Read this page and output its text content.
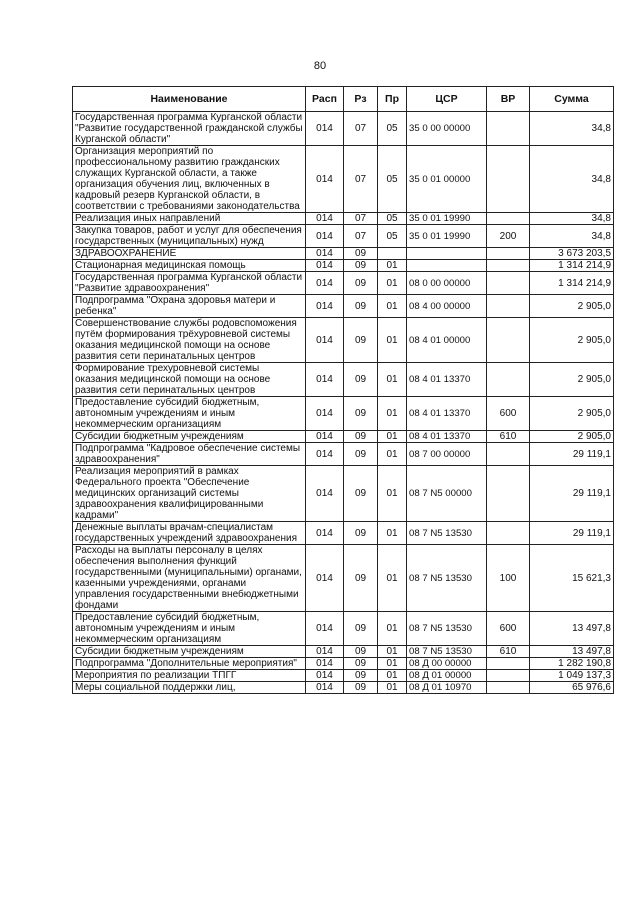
80
Наименование	Расп	Рз	Пр	ЦСР	ВР	Сумма
Государственная программа Курганской области "Развитие государственной гражданской службы Курганской области"	014	07	05	35 0 00 00000		34,8
Организация мероприятий по профессиональному развитию гражданских служащих Курганской области, а также организация обучения лиц, включенных в кадровый резерв Курганской области, в соответствии с требованиями законодательства	014	07	05	35 0 01 00000		34,8
Реализация иных направлений	014	07	05	35 0 01 19990		34,8
Закупка товаров, работ и услуг для обеспечения государственных (муниципальных) нужд	014	07	05	35 0 01 19990	200	34,8
ЗДРАВООХРАНЕНИЕ	014	09				3 673 203,5
Стационарная медицинская помощь	014	09	01			1 314 214,9
Государственная программа Курганской области "Развитие здравоохранения"	014	09	01	08 0 00 00000		1 314 214,9
Подпрограмма "Охрана здоровья матери и ребенка"	014	09	01	08 4 00 00000		2 905,0
Совершенствование службы родовспоможения путём формирования трёхуровневой системы оказания медицинской помощи на основе развития сети перинатальных центров	014	09	01	08 4 01 00000		2 905,0
Формирование трехуровневой системы оказания медицинской помощи на основе развития сети перинатальных центров	014	09	01	08 4 01 13370		2 905,0
Предоставление субсидий бюджетным, автономным учреждениям и иным некоммерческим организациям	014	09	01	08 4 01 13370	600	2 905,0
Субсидии бюджетным учреждениям	014	09	01	08 4 01 13370	610	2 905,0
Подпрограмма "Кадровое обеспечение системы здравоохранения"	014	09	01	08 7 00 00000		29 119,1
Реализация мероприятий в рамках Федерального проекта "Обеспечение медицинских организаций системы здравоохранения квалифицированными кадрами"	014	09	01	08 7 N5 00000		29 119,1
Денежные выплаты врачам-специалистам государственных учреждений здравоохранения	014	09	01	08 7 N5 13530		29 119,1
Расходы на выплаты персоналу в целях обеспечения выполнения функций государственными (муниципальными) органами, казенными учреждениями, органами управления государственными внебюджетными фондами	014	09	01	08 7 N5 13530	100	15 621,3
Предоставление субсидий бюджетным, автономным учреждениям и иным некоммерческим организациям	014	09	01	08 7 N5 13530	600	13 497,8
Субсидии бюджетным учреждениям	014	09	01	08 7 N5 13530	610	13 497,8
Подпрограмма "Дополнительные мероприятия"	014	09	01	08 Д 00 00000		1 282 190,8
Мероприятия по реализации ТПГГ	014	09	01	08 Д 01 00000		1 049 137,3
Меры социальной поддержки лиц,	014	09	01	08 Д 01 10970		65 976,6
